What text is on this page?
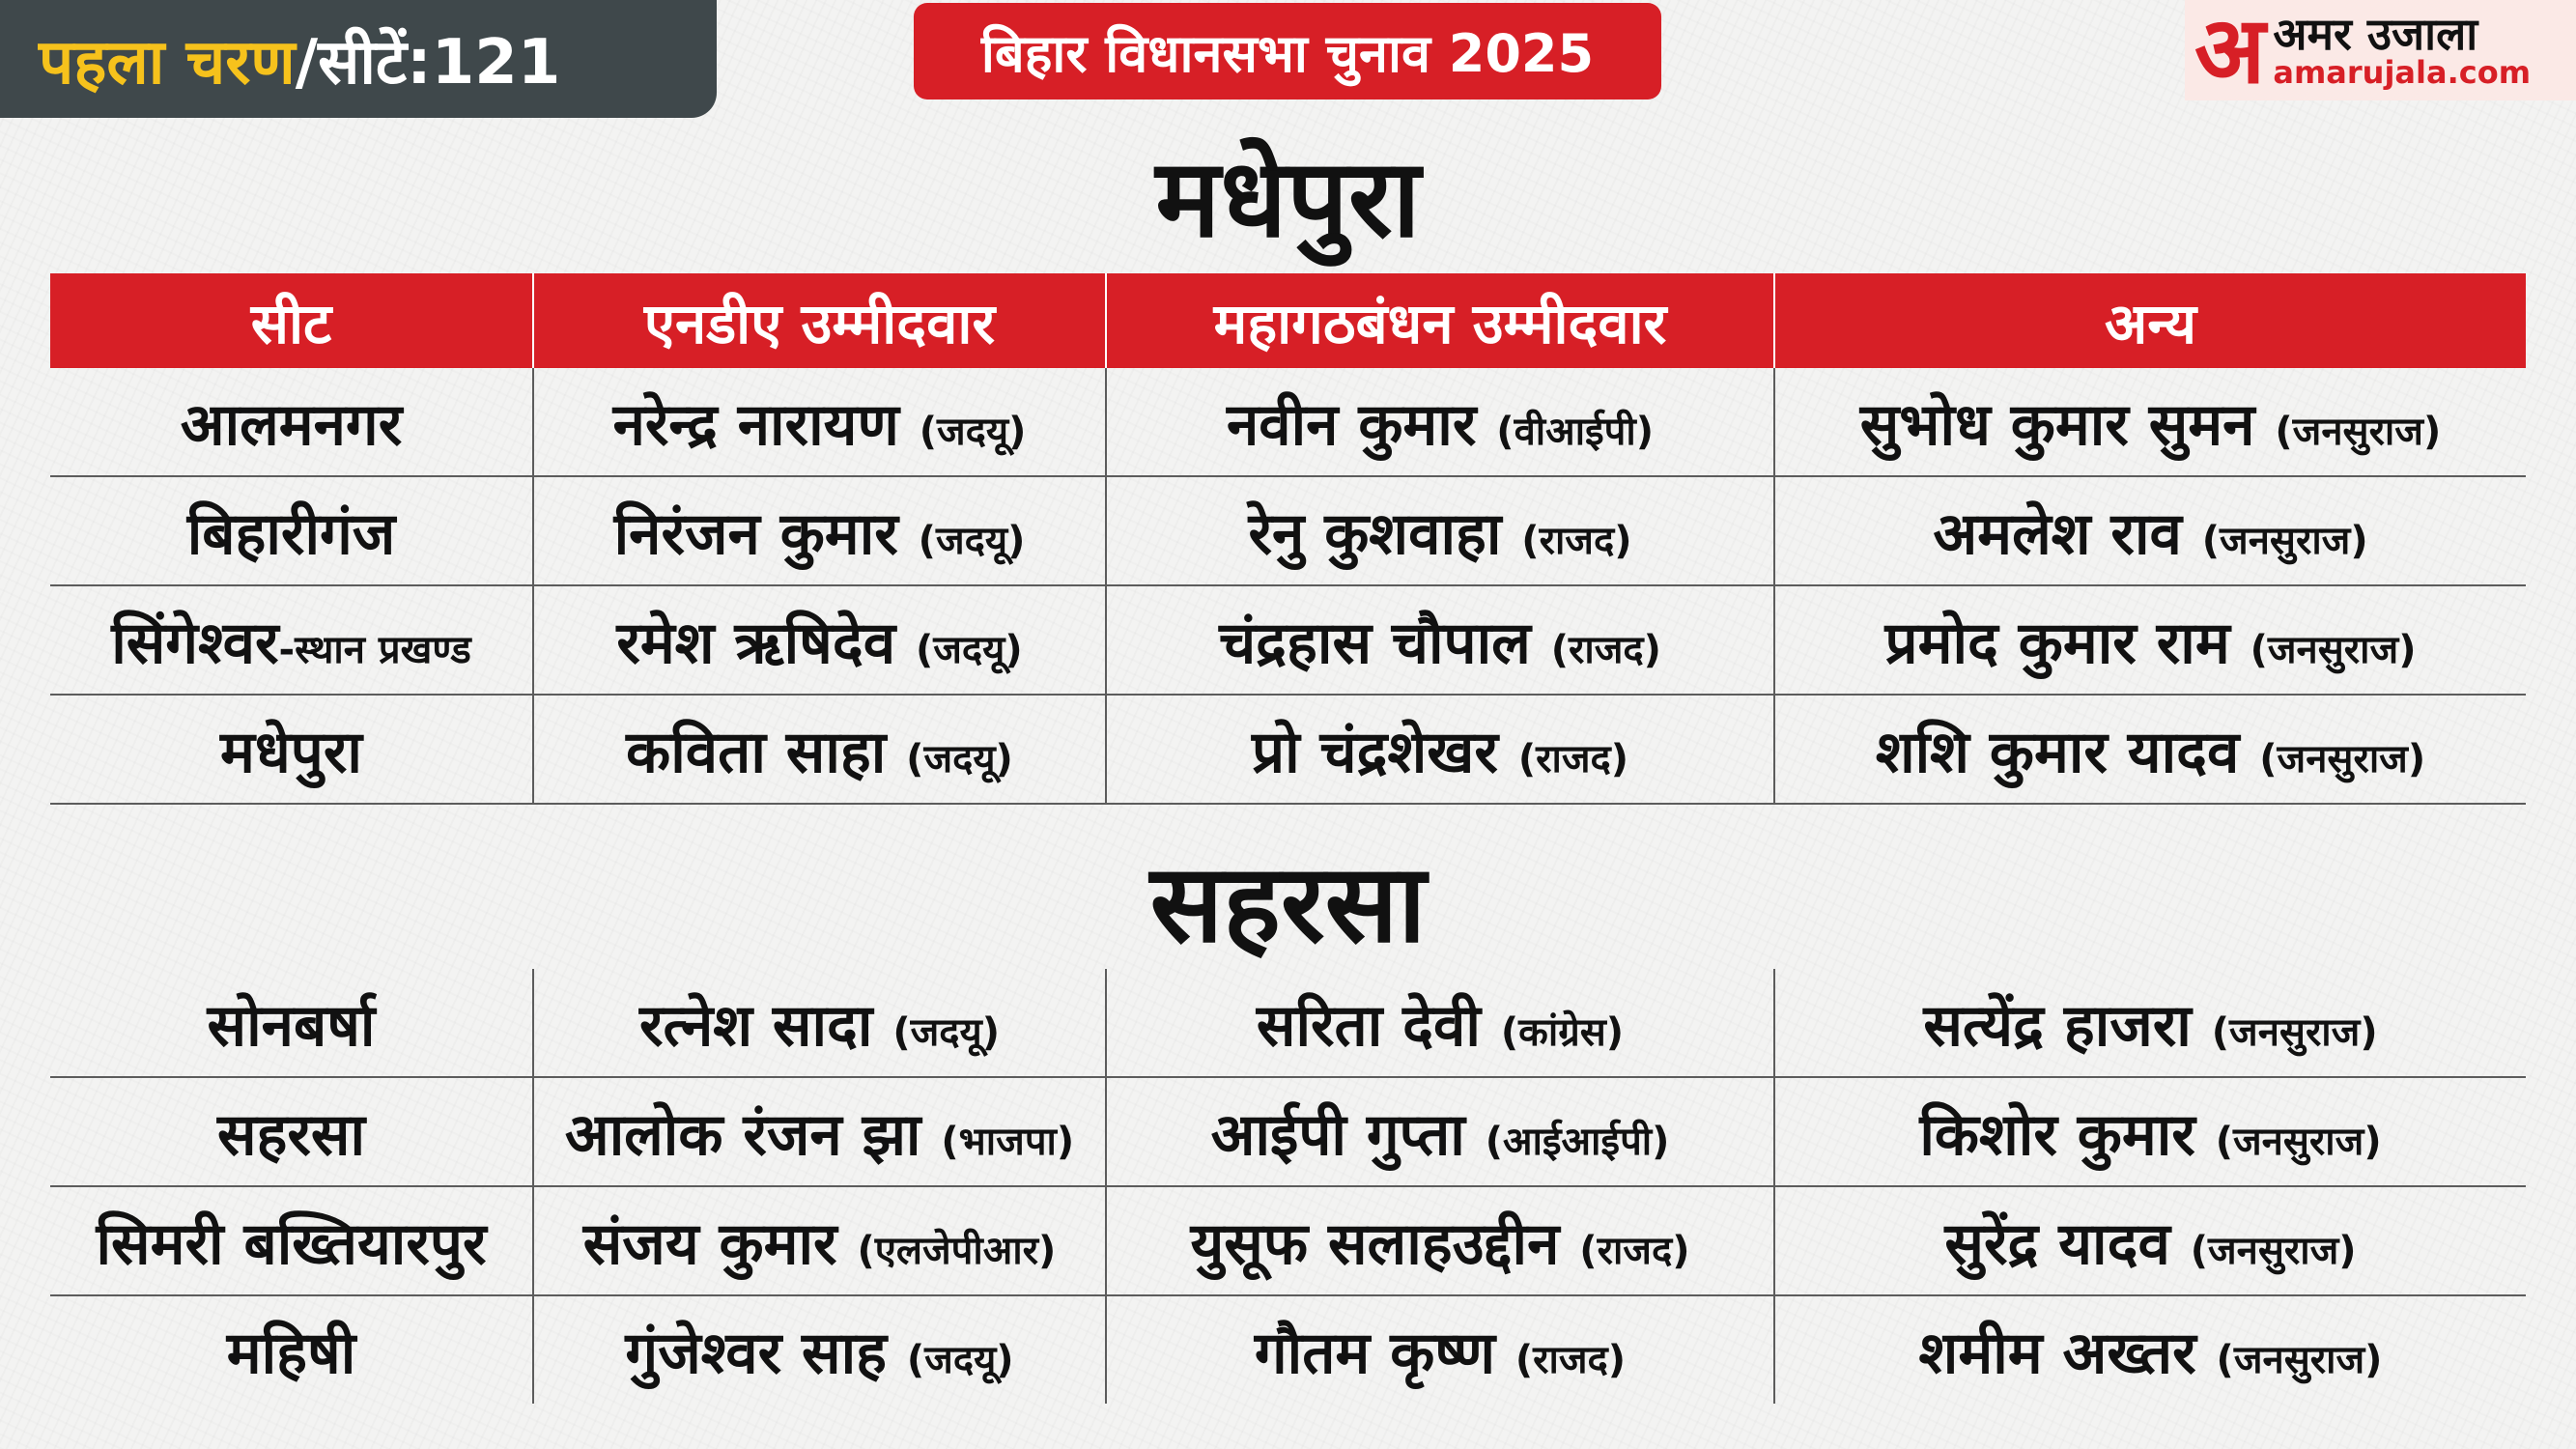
पहला चरण /सीटें:121	बिहार विधानसभा चुनाव 2025	अ अमर उजाला
amarujala.com
मधेपुरा
सीट	एनडीए उम्मीदवार	महागठबंधन उम्मीदवार	अन्य
आलमनगर	नरेन्द्र नारायण (जदयू)	नवीन कुमार (वीआईपी)	सुभोध कुमार सुमन (जनसुराज)
बिहारीगंज	निरंजन कुमार (जदयू)	रेनु कुशवाहा (राजद)	अमलेश राव (जनसुराज)
सिंगेश्वर-स्थान प्रखण्ड	रमेश ऋषिदेव (जदयू)	चंद्रहास चौपाल (राजद)	प्रमोद कुमार राम (जनसुराज)
मधेपुरा	कविता साहा (जदयू)	प्रो चंद्रशेखर (राजद)	शशि कुमार यादव (जनसुराज)
सहरसा
सोनबर्षा	रत्नेश सादा (जदयू)	सरिता देवी (कांग्रेस)	सत्येंद्र हाजरा (जनसुराज)
सहरसा	आलोक रंजन झा (भाजपा)	आईपी गुप्ता (आईआईपी)	किशोर कुमार (जनसुराज)
सिमरी बख्तियारपुर	संजय कुमार (एलजेपीआर)	युसूफ सलाहउद्दीन (राजद)	सुरेंद्र यादव (जनसुराज)
महिषी	गुंजेश्वर साह (जदयू)	गौतम कृष्ण (राजद)	शमीम अख्तर (जनसुराज)
